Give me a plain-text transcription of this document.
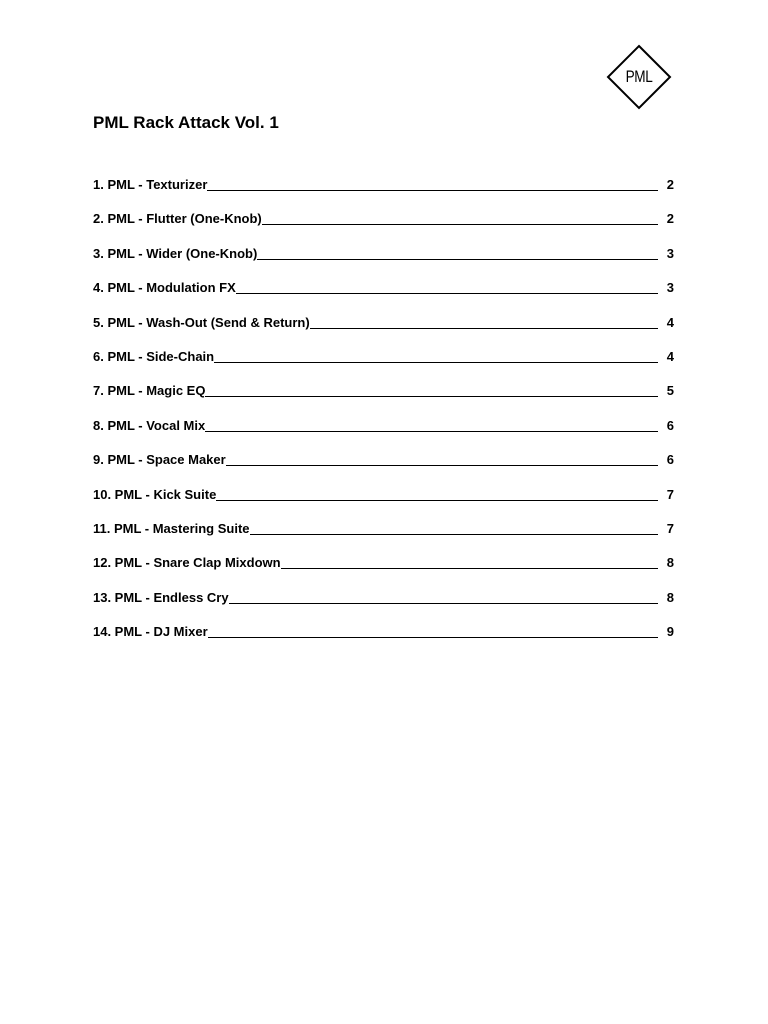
PML
PML Rack Attack Vol. 1
1. PML - Texturizer	2
2. PML - Flutter (One-Knob)	2
3. PML - Wider (One-Knob)	3
4. PML - Modulation FX	3
5. PML - Wash-Out (Send & Return)	4
6. PML - Side-Chain	4
7. PML - Magic EQ	5
8. PML - Vocal Mix	6
9. PML - Space Maker	6
10. PML - Kick Suite	7
11. PML - Mastering Suite	7
12. PML - Snare Clap Mixdown	8
13. PML - Endless Cry	8
14. PML - DJ Mixer	9
